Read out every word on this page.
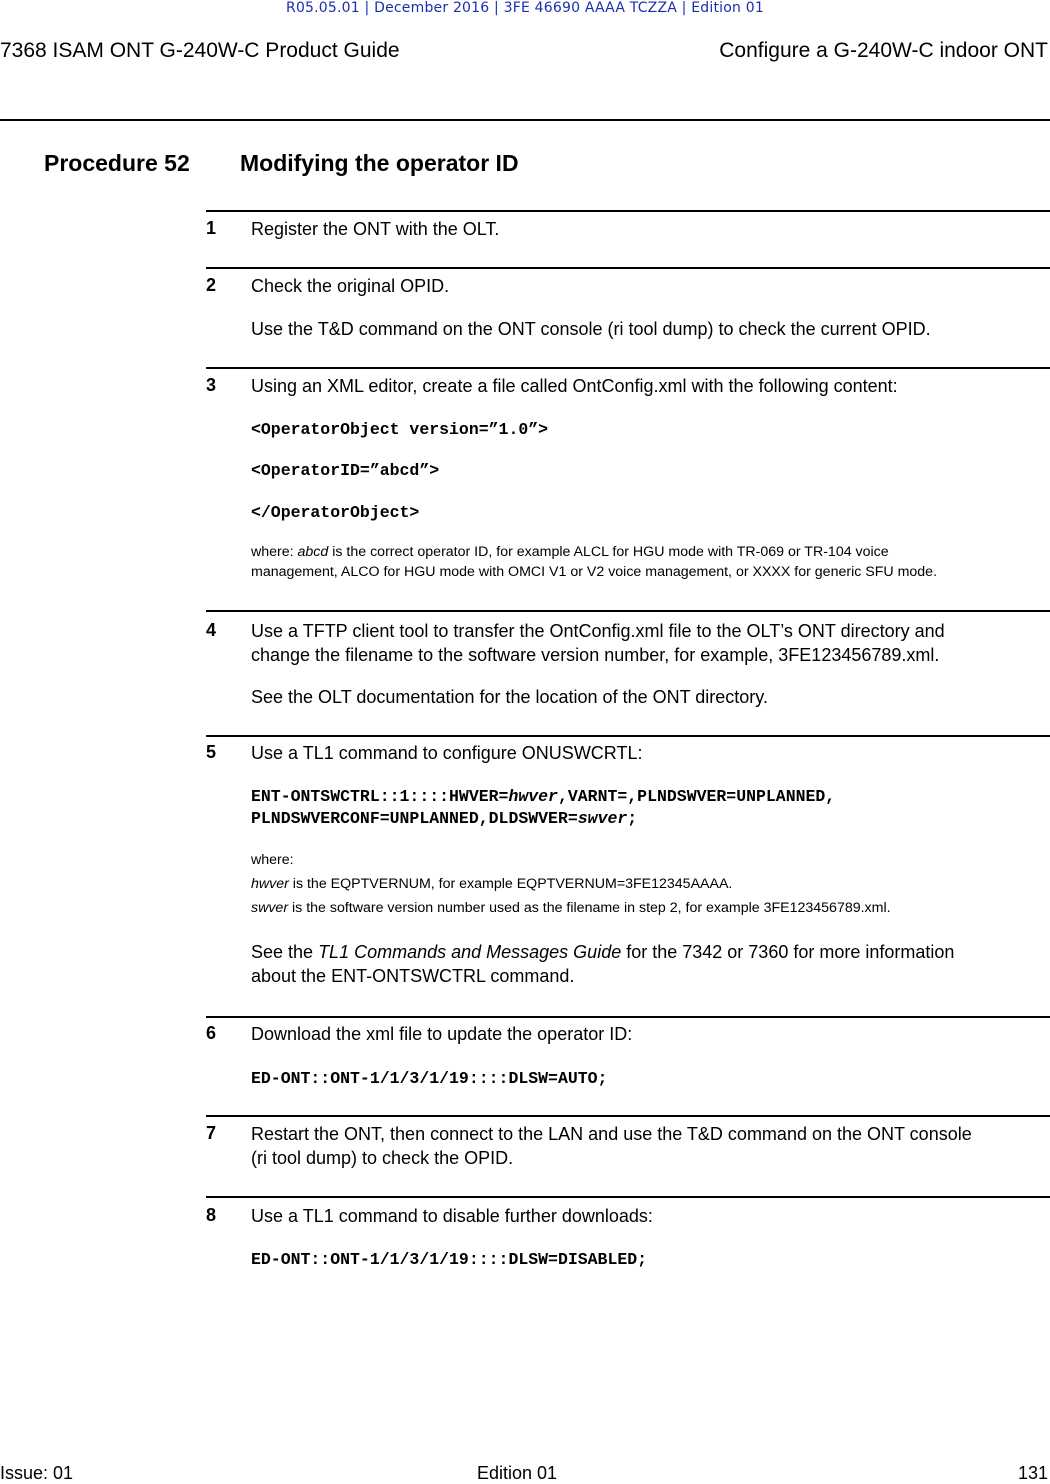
R05.05.01 | December 2016 | 3FE 46690 AAAA TCZZA | Edition 01
7368 ISAM ONT G-240W-C Product Guide	Configure a G-240W-C indoor ONT
Procedure 52 Modifying the operator ID
1 Register the ONT with the OLT.
2 Check the original OPID.
Use the T&D command on the ONT console (ri tool dump) to check the current OPID.
3 Using an XML editor, create a file called OntConfig.xml with the following content:
<OperatorObject version=”1.0”>
<OperatorID=”abcd”>
</OperatorObject>
where: abcd is the correct operator ID, for example ALCL for HGU mode with TR-069 or TR-104 voice
management, ALCO for HGU mode with OMCI V1 or V2 voice management, or XXXX for generic SFU mode.
4 Use a TFTP client tool to transfer the OntConfig.xml file to the OLT’s ONT directory and
change the filename to the software version number, for example, 3FE123456789.xml.
See the OLT documentation for the location of the ONT directory.
5 Use a TL1 command to configure ONUSWCRTL:
ENT-ONTSWCTRL::1::::HWVER=hwver,VARNT=,PLNDSWVER=UNPLANNED,
PLNDSWVERCONF=UNPLANNED,DLDSWVER=swver;
where:
hwver is the EQPTVERNUM, for example EQPTVERNUM=3FE12345AAAA.
swver is the software version number used as the filename in step 2, for example 3FE123456789.xml.
See the TL1 Commands and Messages Guide for the 7342 or 7360 for more information
about the ENT-ONTSWCTRL command.
6 Download the xml file to update the operator ID:
ED-ONT::ONT-1/1/3/1/19::::DLSW=AUTO;
7 Restart the ONT, then connect to the LAN and use the T&D command on the ONT console
(ri tool dump) to check the OPID.
8 Use a TL1 command to disable further downloads:
ED-ONT::ONT-1/1/3/1/19::::DLSW=DISABLED;
Issue: 01	Edition 01	131
